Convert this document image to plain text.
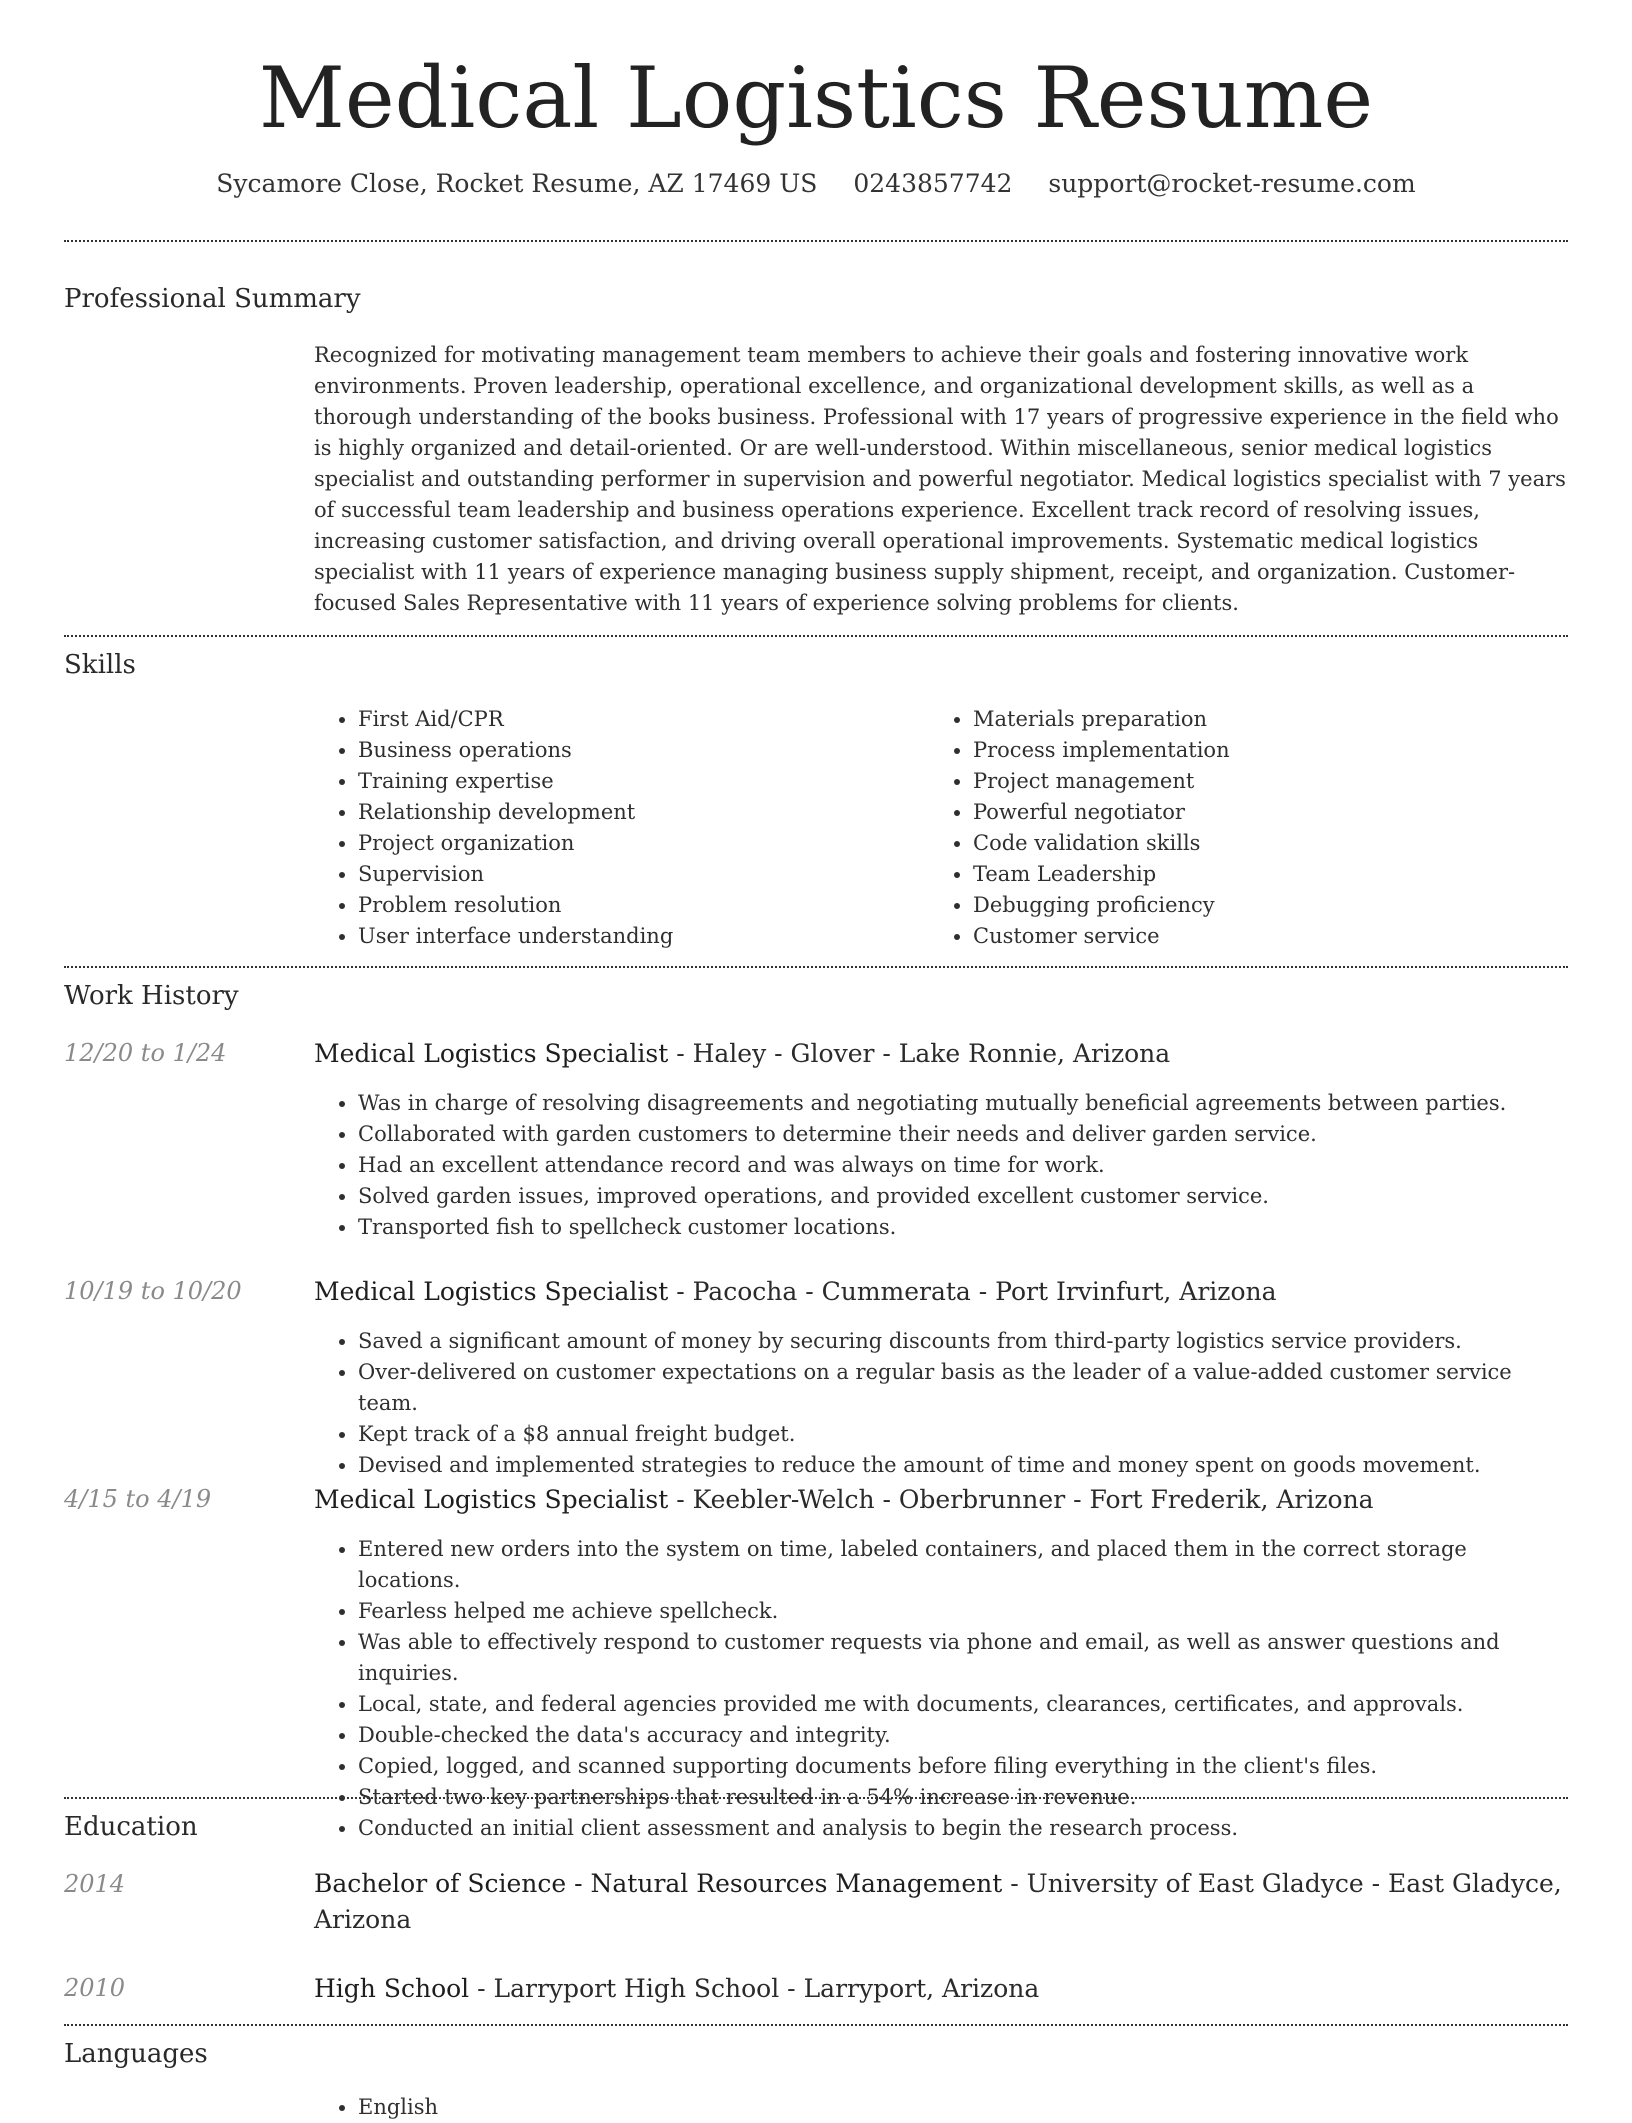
Medical Logistics Resume
Sycamore Close, Rocket Resume, AZ 17469 US 0243857742 support@rocket-resume.com
Professional Summary
Recognized for motivating management team members to achieve their goals and fostering innovative work environments. Proven leadership, operational excellence, and organizational development skills, as well as a thorough understanding of the books business. Professional with 17 years of progressive experience in the field who is highly organized and detail-oriented. Or are well-understood. Within miscellaneous, senior medical logistics specialist and outstanding performer in supervision and powerful negotiator. Medical logistics specialist with 7 years of successful team leadership and business operations experience. Excellent track record of resolving issues, increasing customer satisfaction, and driving overall operational improvements. Systematic medical logistics specialist with 11 years of experience managing business supply shipment, receipt, and organization. Customer-focused Sales Representative with 11 years of experience solving problems for clients.
Skills
• First Aid/CPR
• Business operations
• Training expertise
• Relationship development
• Project organization
• Supervision
• Problem resolution
• User interface understanding
• Materials preparation
• Process implementation
• Project management
• Powerful negotiator
• Code validation skills
• Team Leadership
• Debugging proficiency
• Customer service
Work History
12/20 to 1/24	Medical Logistics Specialist - Haley - Glover - Lake Ronnie, Arizona
• Was in charge of resolving disagreements and negotiating mutually beneficial agreements between parties.
• Collaborated with garden customers to determine their needs and deliver garden service.
• Had an excellent attendance record and was always on time for work.
• Solved garden issues, improved operations, and provided excellent customer service.
• Transported fish to spellcheck customer locations.
10/19 to 10/20	Medical Logistics Specialist - Pacocha - Cummerata - Port Irvinfurt, Arizona
• Saved a significant amount of money by securing discounts from third-party logistics service providers.
• Over-delivered on customer expectations on a regular basis as the leader of a value-added customer service team.
• Kept track of a $8 annual freight budget.
• Devised and implemented strategies to reduce the amount of time and money spent on goods movement.
4/15 to 4/19	Medical Logistics Specialist - Keebler-Welch - Oberbrunner - Fort Frederik, Arizona
• Entered new orders into the system on time, labeled containers, and placed them in the correct storage locations.
• Fearless helped me achieve spellcheck.
• Was able to effectively respond to customer requests via phone and email, as well as answer questions and inquiries.
• Local, state, and federal agencies provided me with documents, clearances, certificates, and approvals.
• Double-checked the data's accuracy and integrity.
• Copied, logged, and scanned supporting documents before filing everything in the client's files.
• Started two key partnerships that resulted in a 54% increase in revenue.
• Conducted an initial client assessment and analysis to begin the research process.
Education
2014	Bachelor of Science - Natural Resources Management - University of East Gladyce - East Gladyce, Arizona
2010	High School - Larryport High School - Larryport, Arizona
Languages
• English
